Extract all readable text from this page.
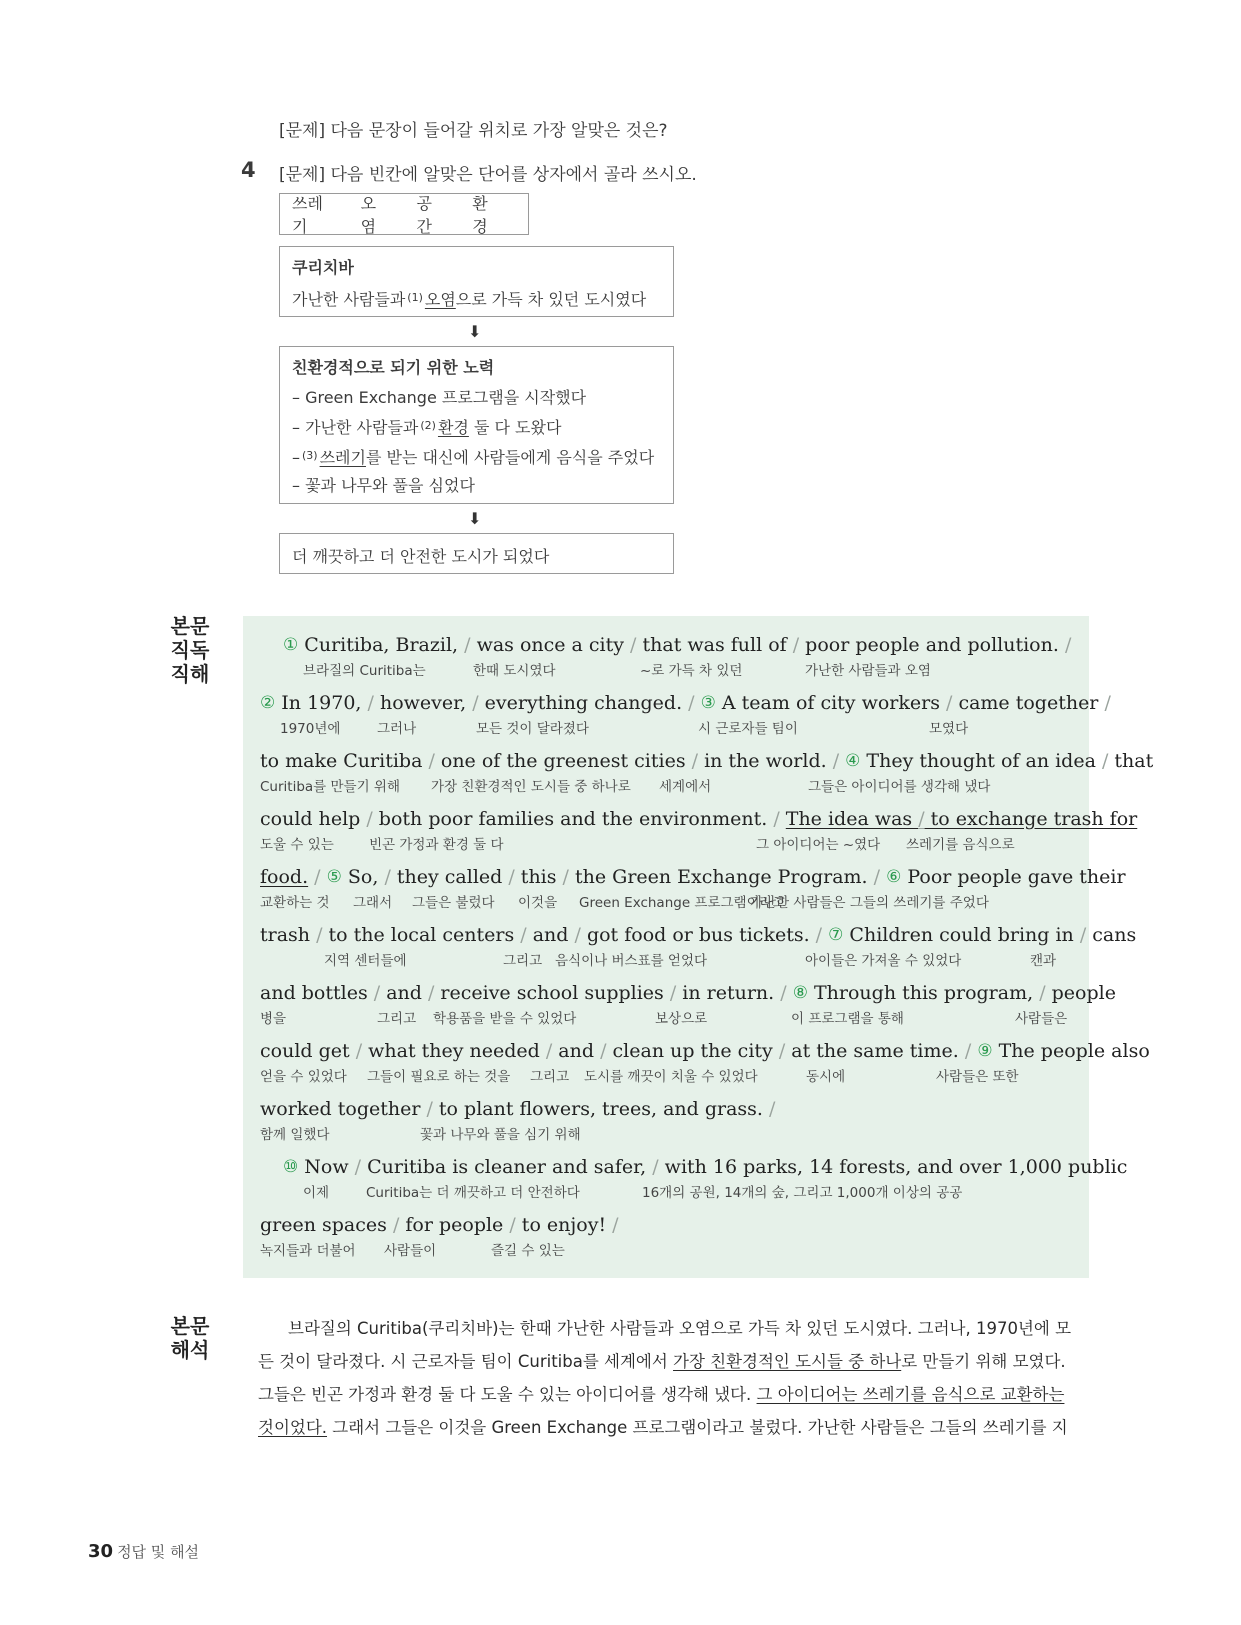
[문제] 다음 문장이 들어갈 위치로 가장 알맞은 것은?
4 [문제] 다음 빈칸에 알맞은 단어를 상자에서 골라 쓰시오.
쓰레기
오염
공간
환경
쿠리치바
가난한 사람들과 $^{(1)}$ 오염으로 가득 차 있던 도시였다
⬇
친환경적으로 되기 위한 노력
– Green Exchange 프로그램을 시작했다
– 가난한 사람들과 $^{(2)}$ 환경 둘 다 도왔다
– $^{(3)}$ 쓰레기를 받는 대신에 사람들에게 음식을 주었다
– 꽃과 나무와 풀을 심었다
⬇
더 깨끗하고 더 안전한 도시가 되었다
본문
직독
직해
본문
해석
① Curitiba, Brazil, / was once a city / that was full of / poor people and pollution. /
브라질의 Curitiba는	한때 도시였다	~로 가득 차 있던	가난한 사람들과 오염
② In 1970, / however, / everything changed. /
③ A team of city workers / came together /
1970년에	그러나	모든 것이 달라졌다	시 근로자들 팀이	모였다
to make Curitiba / one of the greenest cities / in the world. /
④ They thought of an idea / that
Curitiba를 만들기 위해 가장 친환경적인 도시들 중 하나로 세계에서	그들은 아이디어를 생각해 냈다
could help / both poor families and the environment. /
The idea was / to exchange trash for
도울 수 있는	빈곤 가정과 환경 둘 다	그 아이디어는 ~였다 쓰레기를 음식으로
food.
/
⑤ So, / they called / this / the Green Exchange Program. /
⑥ Poor people gave their
교환하는 것 그래서 그들은 불렀다 이것을 Green Exchange 프로그램이라고
가난한 사람들은 그들의 쓰레기를 주었다
trash / to the local centers / and / got food or bus tickets. /
⑦ Children could bring in / cans
지역 센터들에	그리고 음식이나 버스표를 얻었다	아이들은 가져올 수 있었다	캔과
and bottles / and / receive school supplies / in return. /
⑧ Through this program, / people
병을	그리고 학용품을 받을 수 있었다	보상으로	이 프로그램을 통해	사람들은
could get / what they needed / and / clean up the city / at the same time. /
⑨ The people also
얻을 수 있었다 그들이 필요로 하는 것을 그리고 도시를 깨끗이 치울 수 있었다	동시에	사람들은 또한
worked together / to plant flowers, trees, and grass. /
함께 일했다	꽃과 나무와 풀을 심기 위해
⑩ Now / Curitiba is cleaner and safer, / with 16 parks, 14 forests, and over 1,000 public
이제	Curitiba는 더 깨끗하고 더 안전하다	16개의 공원, 14개의 숲, 그리고 1,000개 이상의 공공
green spaces / for people / to enjoy! /
녹지들과 더불어 사람들이	즐길 수 있는
브라질의 Curitiba(쿠리치바)는 한때 가난한 사람들과 오염으로 가득 차 있던 도시였다. 그러나, 1970년에 모
든 것이 달라졌다. 시 근로자들 팀이 Curitiba를 세계에서 가장 친환경적인 도시들 중 하나로 만들기 위해 모였다.
그들은 빈곤 가정과 환경 둘 다 도울 수 있는 아이디어를 생각해 냈다. 그 아이디어는 쓰레기를 음식으로 교환하는
것이었다. 그래서 그들은 이것을 Green Exchange 프로그램이라고 불렀다. 가난한 사람들은 그들의 쓰레기를 지
30 정답 및 해설
